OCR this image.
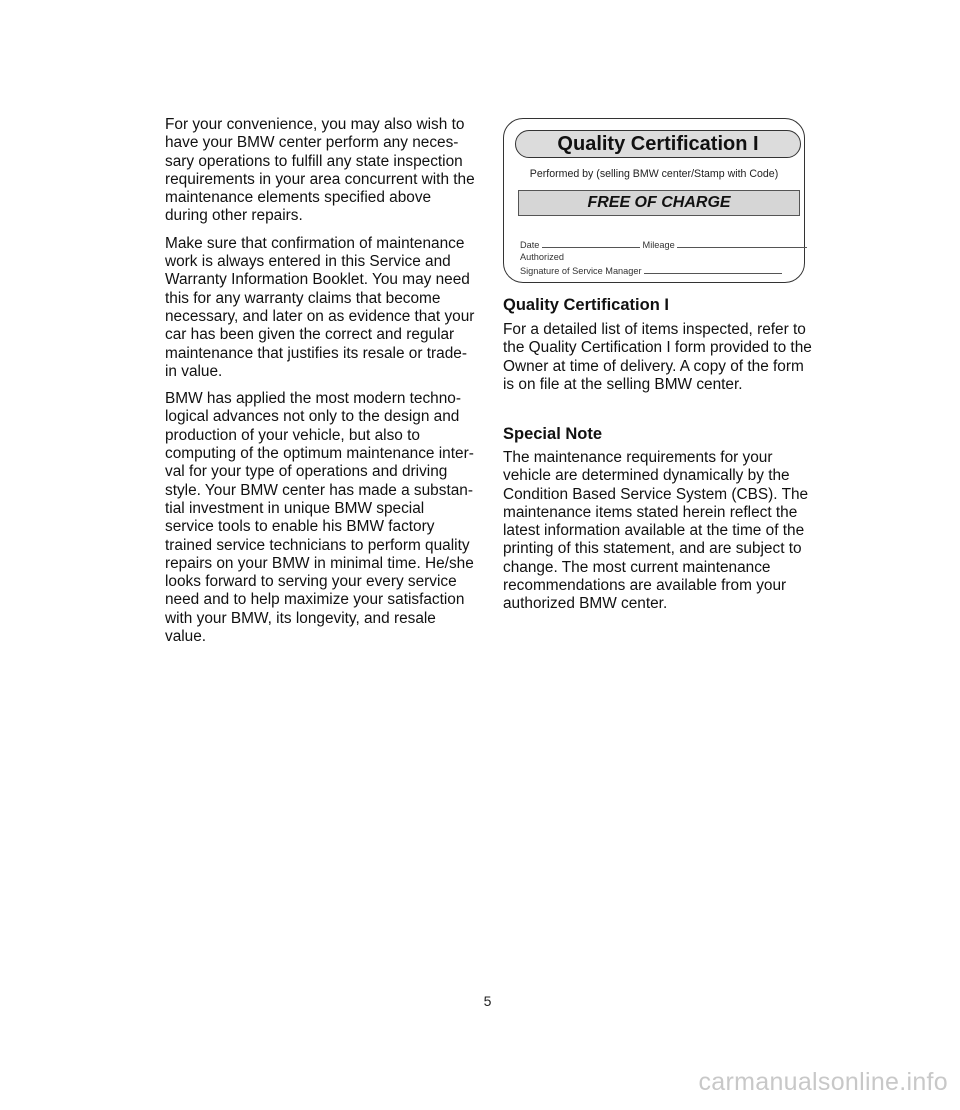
For your convenience, you may also wish to have your BMW center perform any neces-sary operations to fulfill any state inspection requirements in your area concurrent with the maintenance elements specified above during other repairs.

Make sure that confirmation of maintenance work is always entered in this Service and Warranty Information Booklet. You may need this for any warranty claims that become necessary, and later on as evidence that your car has been given the correct and regular maintenance that justifies its resale or trade-in value.

BMW has applied the most modern techno-logical advances not only to the design and production of your vehicle, but also to computing of the optimum maintenance inter-val for your type of operations and driving style. Your BMW center has made a substan-tial investment in unique BMW special service tools to enable his BMW factory trained service technicians to perform quality repairs on your BMW in minimal time. He/she looks forward to serving your every service need and to help maximize your satisfaction with your BMW, its longevity, and resale value.

Quality Certification I
Performed by (selling BMW center/Stamp with Code)
FREE OF CHARGE
Date	Mileage
Authorized
Signature of Service Manager
Quality Certification I

For a detailed list of items inspected, refer to the Quality Certification I form provided to the Owner at time of delivery. A copy of the form is on file at the selling BMW center.

Special Note

The maintenance requirements for your vehicle are determined dynamically by the Condition Based Service System (CBS). The maintenance items stated herein reflect the latest information available at the time of the printing of this statement, and are subject to change. The most current maintenance recommendations are available from your authorized BMW center.

5
carmanualsonline.info
